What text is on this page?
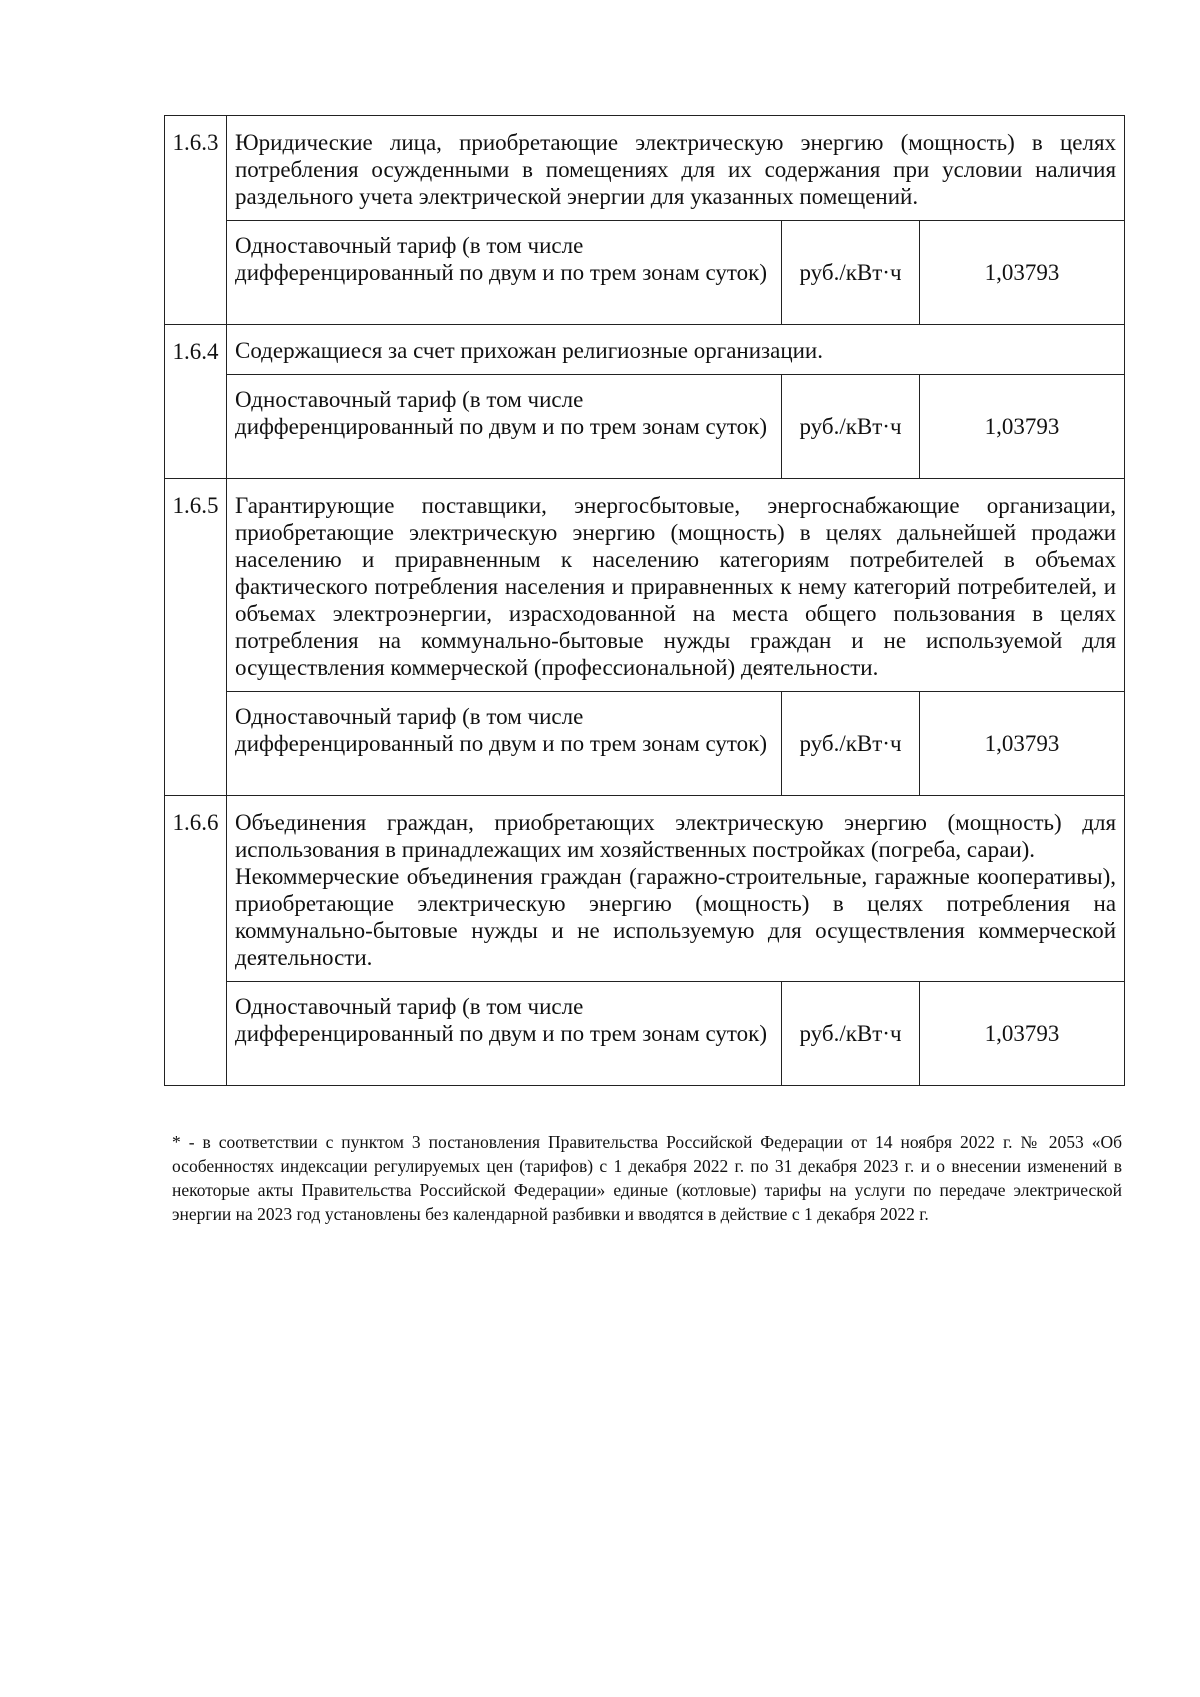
1.6.3	Юридические лица, приобретающие электрическую энергию (мощность) в целях потребления осужденными в помещениях для их содержания при условии наличия раздельного учета электрической энергии для указанных помещений.		
	Одноставочный тариф (в том числе дифференцированный по двум и по трем зонам суток)	руб./кВт·ч	1,03793
1.6.4	Содержащиеся за счет прихожан религиозные организации.		
	Одноставочный тариф (в том числе дифференцированный по двум и по трем зонам суток)	руб./кВт·ч	1,03793
1.6.5	Гарантирующие поставщики, энергосбытовые, энергоснабжающие организации, приобретающие электрическую энергию (мощность) в целях дальнейшей продажи населению и приравненным к населению категориям потребителей в объемах фактического потребления населения и приравненных к нему категорий потребителей, и объемах электроэнергии, израсходованной на места общего пользования в целях потребления на коммунально-бытовые нужды граждан и не используемой для осуществления коммерческой (профессиональной) деятельности.		
	Одноставочный тариф (в том числе дифференцированный по двум и по трем зонам суток)	руб./кВт·ч	1,03793
1.6.6	Объединения граждан, приобретающих электрическую энергию (мощность) для использования в принадлежащих им хозяйственных постройках (погреба, сараи).
Некоммерческие объединения граждан (гаражно-строительные, гаражные кооперативы), приобретающие электрическую энергию (мощность) в целях потребления на коммунально-бытовые нужды и не используемую для осуществления коммерческой деятельности.		

	Одноставочный тариф (в том числе дифференцированный по двум и по трем зонам суток)	руб./кВт·ч	1,03793
* - в соответствии с пунктом 3 постановления Правительства Российской Федерации от 14 ноября 2022 г. № 2053 «Об особенностях индексации регулируемых цен (тарифов) с 1 декабря 2022 г. по 31 декабря 2023 г. и о внесении изменений в некоторые акты Правительства Российской Федерации» единые (котловые) тарифы на услуги по передаче электрической энергии на 2023 год установлены без календарной разбивки и вводятся в действие с 1 декабря 2022 г.
